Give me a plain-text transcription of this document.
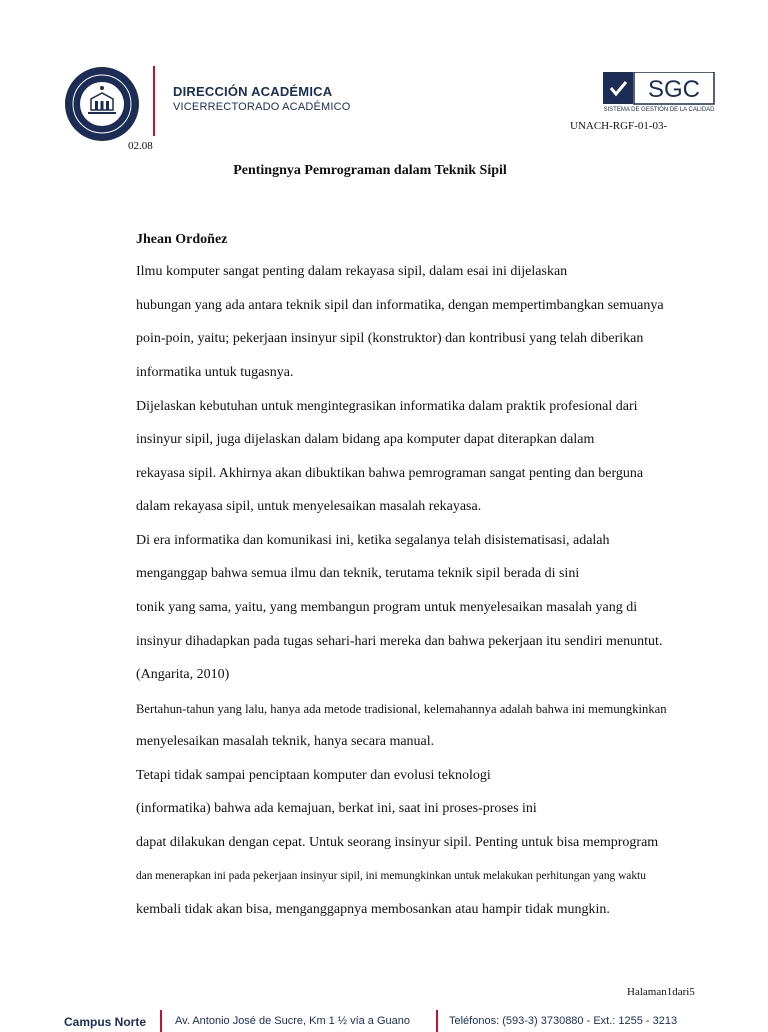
DIRECCIÓN ACADÉMICA
VICERRECTORADO ACADÉMICO
UNACH-RGF-01-03-
02.08
SGC
SISTEMA DE GESTIÓN DE LA CALIDAD
Pentingnya Pemrograman dalam Teknik Sipil
Jhean Ordoñez
Ilmu komputer sangat penting dalam rekayasa sipil, dalam esai ini dijelaskan
hubungan yang ada antara teknik sipil dan informatika, dengan mempertimbangkan semuanya
poin-poin, yaitu; pekerjaan insinyur sipil (konstruktor) dan kontribusi yang telah diberikan
informatika untuk tugasnya.
Dijelaskan kebutuhan untuk mengintegrasikan informatika dalam praktik profesional dari
insinyur sipil, juga dijelaskan dalam bidang apa komputer dapat diterapkan dalam
rekayasa sipil. Akhirnya akan dibuktikan bahwa pemrograman sangat penting dan berguna
dalam rekayasa sipil, untuk menyelesaikan masalah rekayasa.
Di era informatika dan komunikasi ini, ketika segalanya telah disistematisasi, adalah
menganggap bahwa semua ilmu dan teknik, terutama teknik sipil berada di sini
tonik yang sama, yaitu, yang membangun program untuk menyelesaikan masalah yang di
insinyur dihadapkan pada tugas sehari-hari mereka dan bahwa pekerjaan itu sendiri menuntut.
(Angarita, 2010)
Bertahun-tahun yang lalu, hanya ada metode tradisional, kelemahannya adalah bahwa ini memungkinkan
menyelesaikan masalah teknik, hanya secara manual.
Tetapi tidak sampai penciptaan komputer dan evolusi teknologi
(informatika) bahwa ada kemajuan, berkat ini, saat ini proses-proses ini
dapat dilakukan dengan cepat. Untuk seorang insinyur sipil. Penting untuk bisa memprogram
dan menerapkan ini pada pekerjaan insinyur sipil, ini memungkinkan untuk melakukan perhitungan yang waktu
kembali tidak akan bisa, menganggapnya membosankan atau hampir tidak mungkin.
Halaman1dari5
Campus Norte	Av. Antonio José de Sucre, Km 1 ½ vía a Guano	Teléfonos: (593-3) 3730880 - Ext.: 1255 - 3213
